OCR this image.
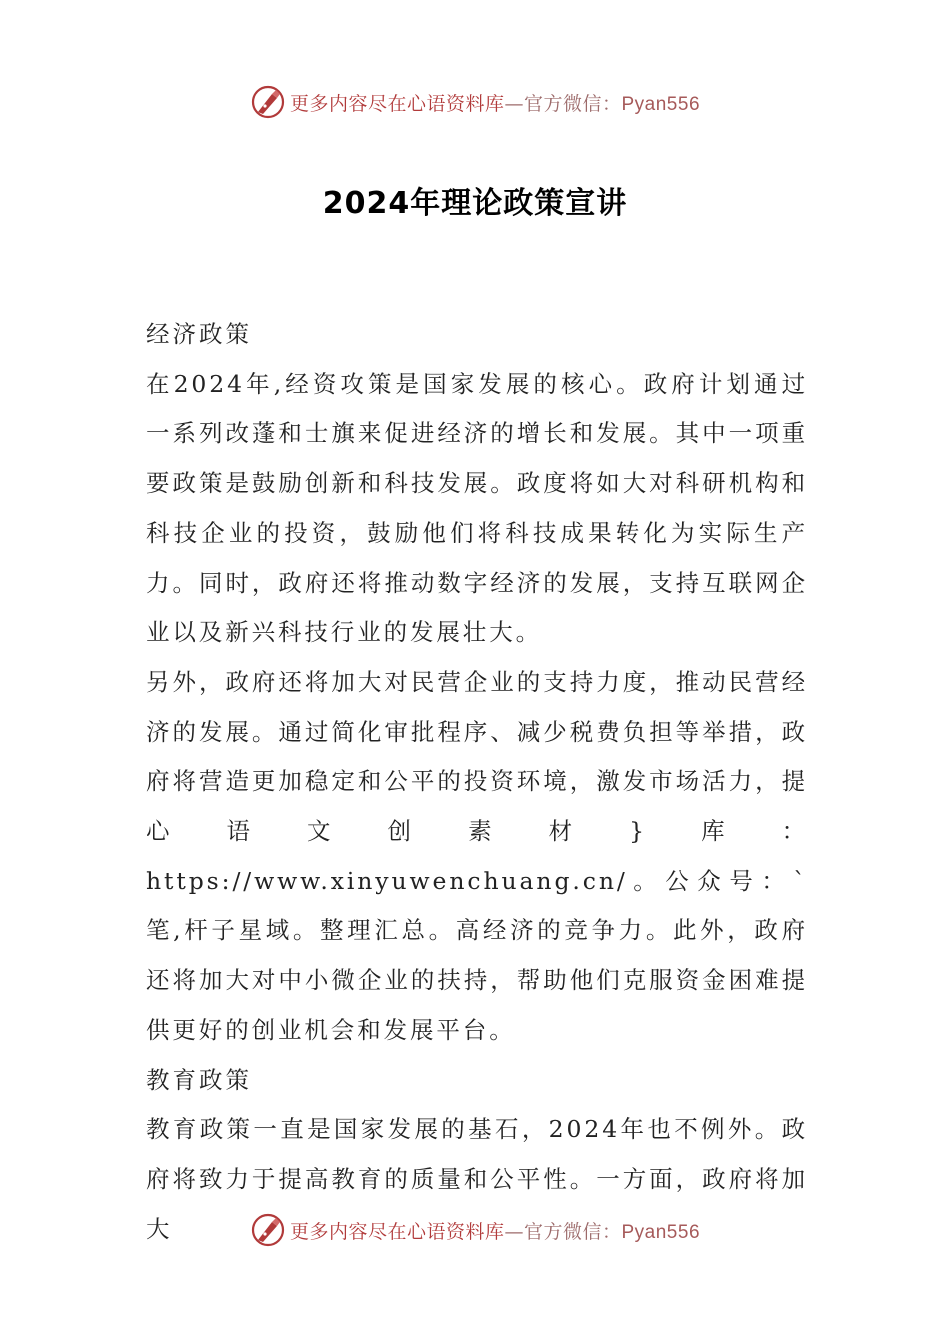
更多内容尽在心语资料库—官方微信：Pyan556
2024年理论政策宣讲

经济政策

在2024年,经资攻策是国家发展的核心。政府计划通过一系列改蓬和士旗来促进经济的增长和发展。其中一项重要政策是鼓励创新和科技发展。政度将如大对科研机构和科技企业的投资，鼓励他们将科技成果转化为实际生产力。同时，政府还将推动数字经济的发展，支持互联网企业以及新兴科技行业的发展壮大。

另外，政府还将加大对民营企业的支持力度，推动民营经济的发展。通过简化审批程序、减少税费负担等举措，政府将营造更加稳定和公平的投资环境，激发市场活力，提心语文创素材}库：https://www.xinyuwenchuang.cn/。公众号：`笔,杆子星域。整理汇总。高经济的竞争力。此外，政府还将加大对中小微企业的扶持，帮助他们克服资金困难提供更好的创业机会和发展平台。

教育政策

教育政策一直是国家发展的基石，2024年也不例外。政府将致力于提高教育的质量和公平性。一方面，政府将加大	更多内容尽在心语资料库—官方微信：Pyan556
